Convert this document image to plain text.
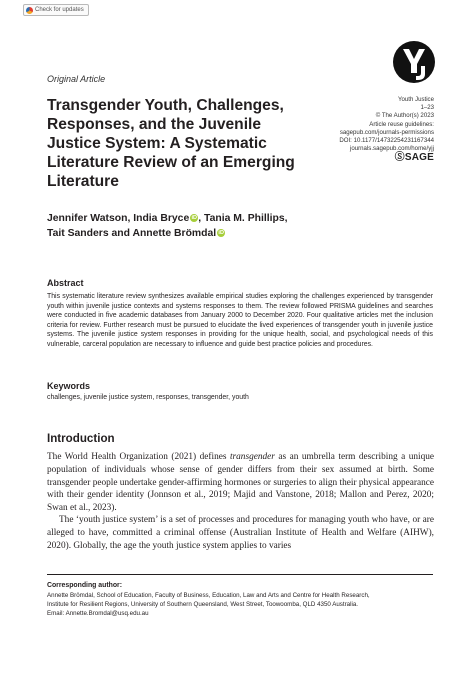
Check for updates
Original Article
Youth Justice
1–23
© The Author(s) 2023
Article reuse guidelines:
sagepub.com/journals-permissions
DOI: 10.1177/14732254231167344
journals.sagepub.com/home/yjj
ⓈSAGE
Transgender Youth, Challenges, Responses, and the Juvenile Justice System: A Systematic Literature Review of an Emerging Literature
Jennifer Watson, India Bryce iD, Tania M. Phillips,
Tait Sanders and Annette Brömdal iD
Abstract
This systematic literature review synthesizes available empirical studies exploring the challenges experienced by transgender youth within juvenile justice contexts and systems responses to them. The review followed PRISMA guidelines and searches were conducted in five academic databases from January 2000 to December 2020. Four qualitative articles met the inclusion criteria for review. Further research must be pursued to elucidate the lived experiences of transgender youth in juvenile justice systems. The juvenile justice system responses in providing for the unique health, social, and psychological needs of this vulnerable, carceral population are necessary to influence and guide best practice policies and procedures.
Keywords
challenges, juvenile justice system, responses, transgender, youth
Introduction
The World Health Organization (2021) defines transgender as an umbrella term describing a unique population of individuals whose sense of gender differs from their sex assumed at birth. Some transgender people undertake gender-affirming hormones or surgeries to align their physical appearance with their gender identity (Jonnson et al., 2019; Majid and Vanstone, 2018; Mallon and Perez, 2020; Swan et al., 2023).
The ‘youth justice system’ is a set of processes and procedures for managing youth who have, or are alleged to have, committed a criminal offense (Australian Institute of Health and Welfare (AIHW), 2020). Globally, the age the youth justice system applies to varies
Corresponding author:
Annette Brömdal, School of Education, Faculty of Business, Education, Law and Arts and Centre for Health Research,
Institute for Resilient Regions, University of Southern Queensland, West Street, Toowoomba, QLD 4350 Australia.
Email: Annette.Bromdal@usq.edu.au
